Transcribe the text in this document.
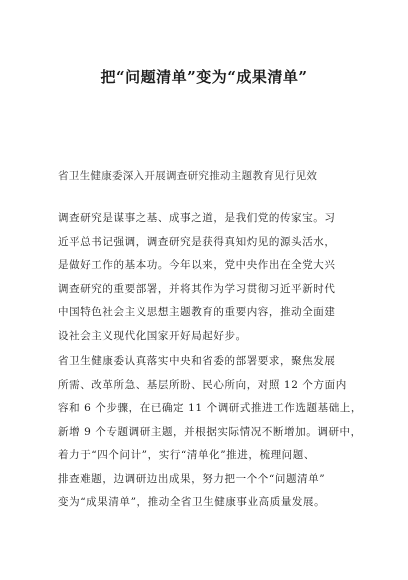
把“问题清单”变为“成果清单”
省卫生健康委深入开展调查研究推动主题教育见行见效
调查研究是谋事之基、成事之道，是我们党的传家宝。习
近平总书记强调，调查研究是获得真知灼见的源头活水，
是做好工作的基本功。今年以来，党中央作出在全党大兴
调查研究的重要部署，并将其作为学习贯彻习近平新时代
中国特色社会主义思想主题教育的重要内容，推动全面建
设社会主义现代化国家开好局起好步。
省卫生健康委认真落实中央和省委的部署要求，聚焦发展
所需、改革所急、基层所盼、民心所向，对照 12 个方面内
容和 6 个步骤，在已确定 11 个调研式推进工作选题基础上，
新增 9 个专题调研主题，并根据实际情况不断增加。调研中，
着力于“四个问计”，实行“清单化”推进，梳理问题、
排查难题，边调研边出成果，努力把一个个“问题清单”
变为“成果清单”，推动全省卫生健康事业高质量发展。
